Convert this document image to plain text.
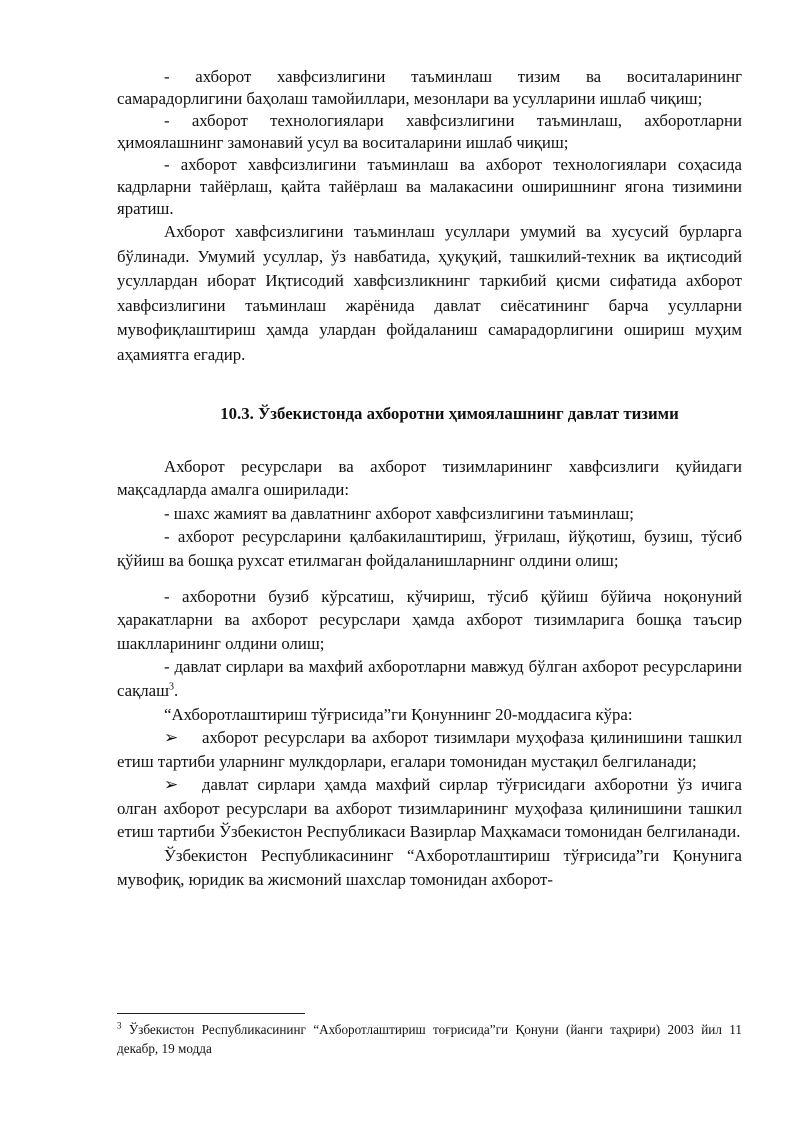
- ахборот хавфсизлигини таъминлаш тизим ва воситаларининг самарадорлигини баҳолаш тамойиллари, мезонлари ва усулларини ишлаб чиқиш;

- ахборот технологиялари хавфсизлигини таъминлаш, ахборотларни ҳимоялашнинг замонавий усул ва воситаларини ишлаб чиқиш;

- ахборот хавфсизлигини таъминлаш ва ахборот технологиялари соҳасида кадрларни тайёрлаш, қайта тайёрлаш ва малакасини оширишнинг ягона тизимини яратиш.

Ахборот хавфсизлигини таъминлаш усуллари умумий ва хусусий бурларга бўлинади. Умумий усуллар, ўз навбатида, ҳуқуқий, ташкилий-техник ва иқтисодий усуллардан иборат Иқтисодий хавфсизликнинг таркибий қисми сифатида ахборот хавфсизлигини таъминлаш жарёнида давлат сиёсатининг барча усулларни мувофиқлаштириш ҳамда улардан фойдаланиш самарадорлигини ошириш муҳим аҳамиятга егадир.

10.3. Ўзбекистонда ахборотни ҳимоялашнинг давлат тизими

Ахборот ресурслари ва ахборот тизимларининг хавфсизлиги қуйидаги мақсадларда амалга оширилади:

- шахс жамият ва давлатнинг ахборот хавфсизлигини таъминлаш;

- ахборот ресурсларини қалбакилаштириш, ўғрилаш, йўқотиш, бузиш, тўсиб қўйиш ва бошқа рухсат етилмаган фойдаланишларнинг олдини олиш;

- ахборотни бузиб кўрсатиш, кўчириш, тўсиб қўйиш бўйича ноқонуний ҳаракатларни ва ахборот ресурслари ҳамда ахборот тизимларига бошқа таъсир шаклларининг олдини олиш;

- давлат сирлари ва махфий ахборотларни мавжуд бўлган ахборот ресурсларини сақлаш$^3$.

“Ахборотлаштириш тўғрисида”ги Қонуннинг 20-моддасига кўра:

➢ ахборот ресурслари ва ахборот тизимлари муҳофаза қилинишини ташкил етиш тартиби уларнинг мулкдорлари, егалари томонидан мустақил белгиланади;

➢ давлат сирлари ҳамда махфий сирлар тўғрисидаги ахборотни ўз ичига олган ахборот ресурслари ва ахборот тизимларининг муҳофаза қилинишини ташкил етиш тартиби Ўзбекистон Республикаси Вазирлар Маҳкамаси томонидан белгиланади.

Ўзбекистон Республикасининг “Ахборотлаштириш тўғрисида”ги Қонунига мувофиқ, юридик ва жисмоний шахслар томонидан ахборот-

$^3$ Ўзбекистон Республикасининг “Ахборотлаштириш тоғрисида”ги Қонуни (йанги таҳрири) 2003 йил 11 декабр, 19 модда
